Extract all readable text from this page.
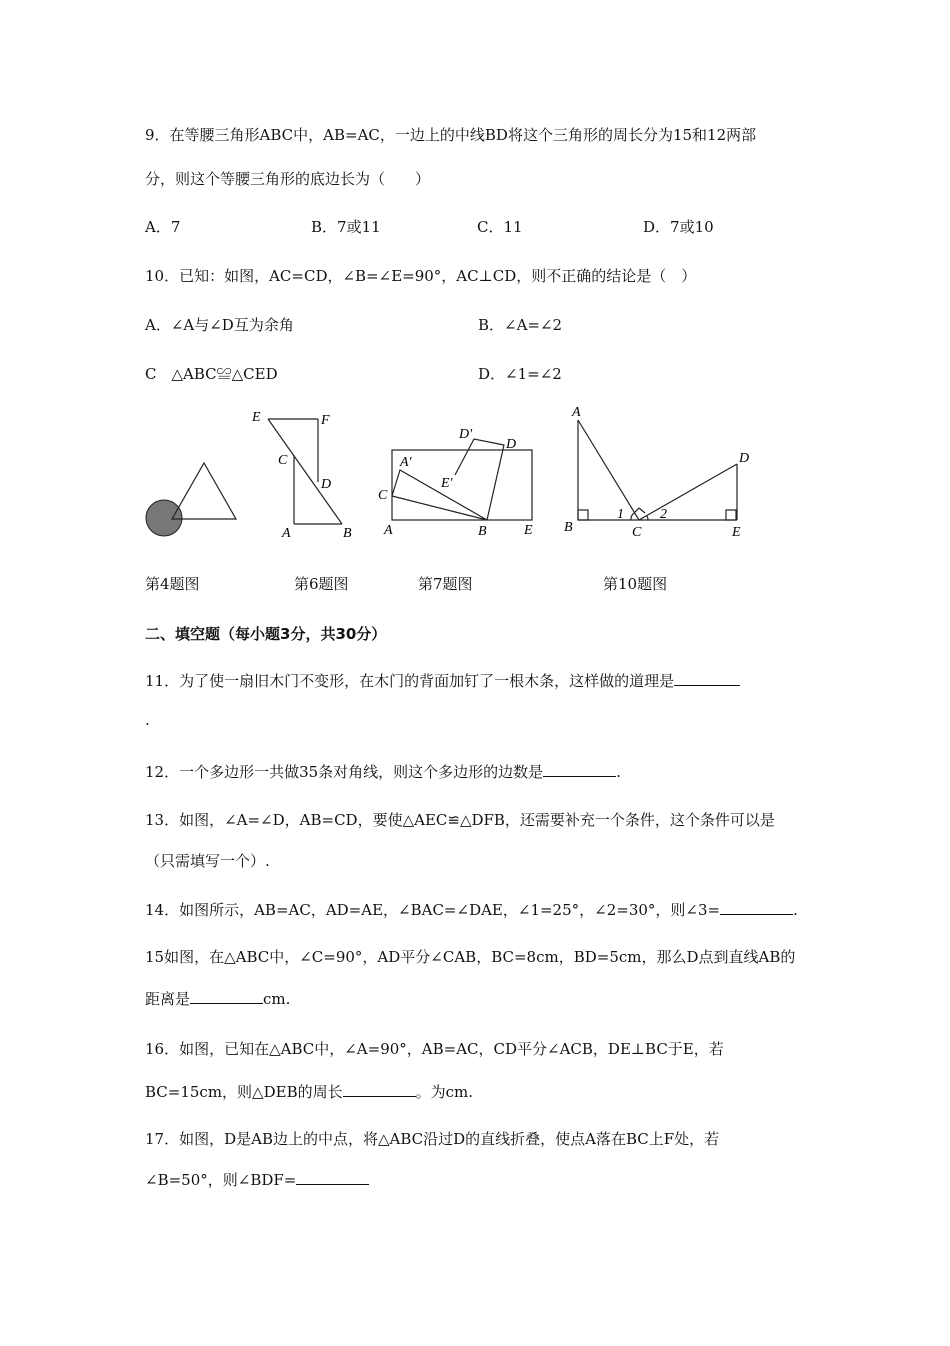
9．在等腰三角形ABC中，AB=AC，一边上的中线BD将这个三角形的周长分为15和12两部
分，则这个等腰三角形的底边长为（　　）
A．7	B．7或11	C．11	D．7或10
10．已知：如图，AC=CD，∠B=∠E=90°，AC⊥CD，则不正确的结论是（　）
A．∠A与∠D互为余角	B．∠A=∠2
C　△ABC≌△CED	D．∠1=∠2
E	F
C
D
A	B
D'
D
A'
E'
C
A	B	E
A
D
B
1	2
C	E
第4题图	第6题图	第7题图	第10题图
二、填空题（每小题3分，共30分）
11．为了使一扇旧木门不变形，在木门的背面加钉了一根木条，这样做的道理是
.
12．一个多边形一共做35条对角线，则这个多边形的边数是	.
13．如图，∠A=∠D，AB=CD，要使△AEC≌△DFB，还需要补充一个条件，这个条件可以是
（只需填写一个）.
14．如图所示，AB=AC，AD=AE，∠BAC=∠DAE，∠1=25°，∠2=30°，则∠3=	.
15如图，在△ABC中，∠C=90°，AD平分∠CAB，BC=8cm，BD=5cm，那么D点到直线AB的
距离是	cm.
16．如图，已知在△ABC中，∠A=90°，AB=AC，CD平分∠ACB，DE⊥BC于E，若
BC=15cm，则△DEB的周长	。为cm.
17．如图，D是AB边上的中点，将△ABC沿过D的直线折叠，使点A落在BC上F处，若
∠B=50°，则∠BDF=
